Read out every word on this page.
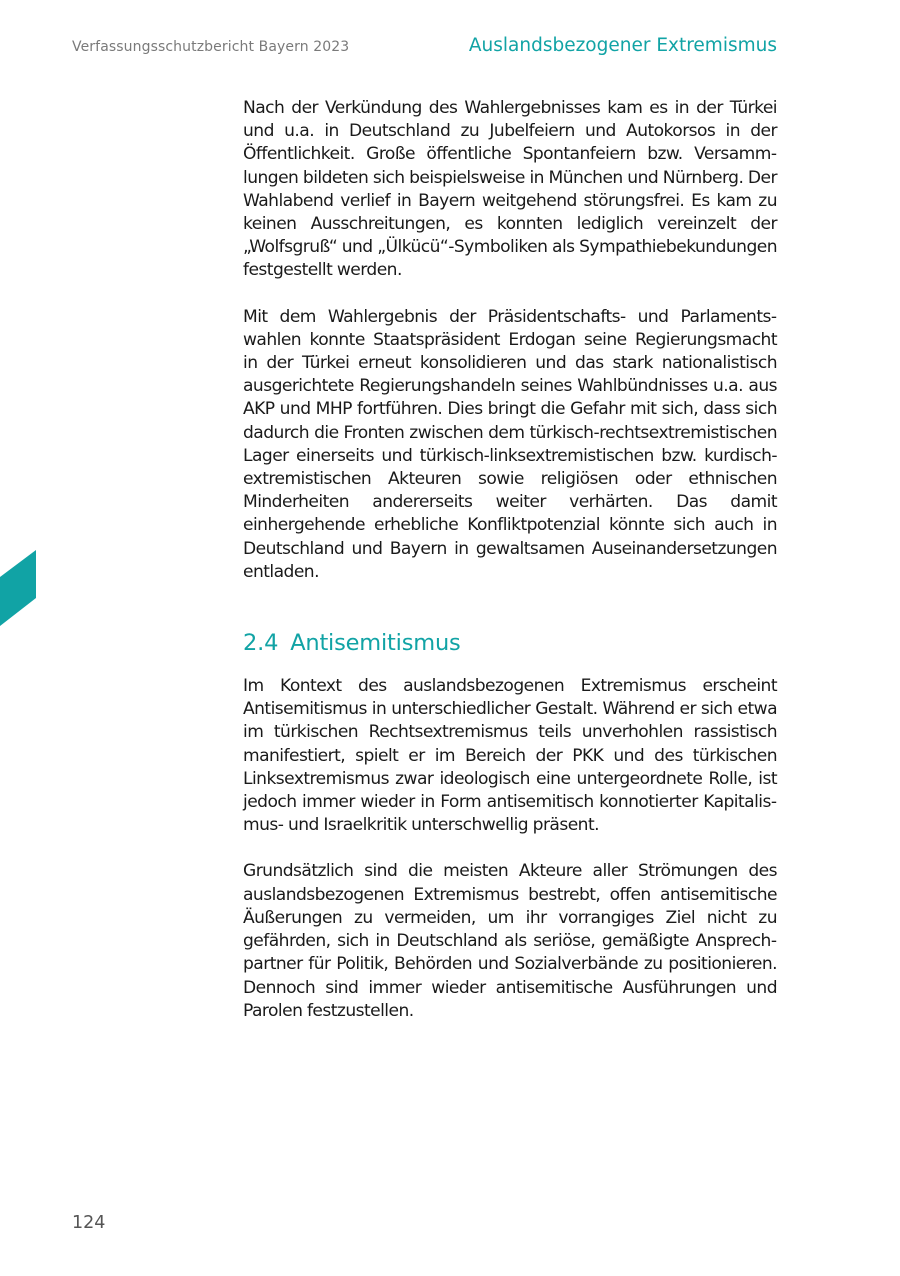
Verfassungsschutzbericht Bayern 2023	Auslandsbezogener Extremismus

Nach der Verkündung des Wahlergebnisses kam es in der Türkei und u.a. in Deutschland zu Jubelfeiern und Autokorsos in der Öffentlichkeit. Große öffentliche Spontanfeiern bzw. Versammlungen bildeten sich beispielsweise in München und Nürnberg. Der Wahlabend verlief in Bayern weitgehend störungsfrei. Es kam zu keinen Ausschreitungen, es konnten lediglich vereinzelt der „Wolfsgruß“ und „Ülkücü“-Symboliken als Sympathiebekundungen festgestellt werden.

Mit dem Wahlergebnis der Präsidentschafts- und Parlamentswahlen konnte Staatspräsident Erdogan seine Regierungsmacht in der Türkei erneut konsolidieren und das stark nationalistisch ausgerichtete Regierungshandeln seines Wahlbündnisses u.a. aus AKP und MHP fortführen. Dies bringt die Gefahr mit sich, dass sich dadurch die Fronten zwischen dem türkisch-rechtsextremistischen Lager einerseits und türkisch-linksextremistischen bzw. kurdisch-extremistischen Akteuren sowie religiösen oder ethnischen Minderheiten andererseits weiter verhärten. Das damit einhergehende erhebliche Konfliktpotenzial könnte sich auch in Deutschland und Bayern in gewaltsamen Auseinandersetzungen entladen.

2.4 Antisemitismus

Im Kontext des auslandsbezogenen Extremismus erscheint Antisemitismus in unterschiedlicher Gestalt. Während er sich etwa im türkischen Rechtsextremismus teils unverhohlen rassistisch manifestiert, spielt er im Bereich der PKK und des türkischen Linksextremismus zwar ideologisch eine untergeordnete Rolle, ist jedoch immer wieder in Form antisemitisch konnotierter Kapitalismus- und Israelkritik unterschwellig präsent.

Grundsätzlich sind die meisten Akteure aller Strömungen des auslandsbezogenen Extremismus bestrebt, offen antisemitische Äußerungen zu vermeiden, um ihr vorrangiges Ziel nicht zu gefährden, sich in Deutschland als seriöse, gemäßigte Ansprechpartner für Politik, Behörden und Sozialverbände zu positionieren. Dennoch sind immer wieder antisemitische Ausführungen und Parolen festzustellen.

124
